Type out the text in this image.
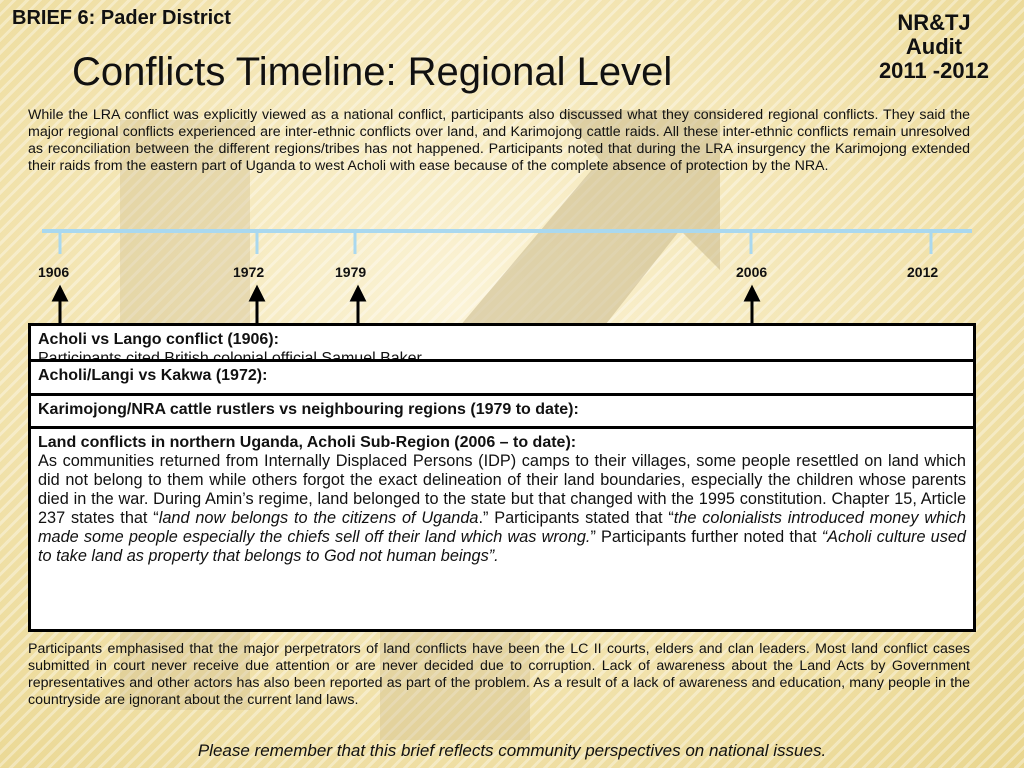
BRIEF 6: Pader District	NR&TJ
Audit
2011 -2012
Conflicts Timeline: Regional Level
While the LRA conflict was explicitly viewed as a national conflict, participants also discussed what they considered regional conflicts. They said the major regional conflicts experienced are inter-ethnic conflicts over land, and Karimojong cattle raids. All these inter-ethnic conflicts remain unresolved as reconciliation between the different regions/tribes has not happened. Participants noted that during the LRA insurgency the Karimojong extended their raids from the eastern part of Uganda to west Acholi with ease because of the complete absence of protection by the NRA.
1906	1972	1979	2006	2012
Acholi vs Lango conflict (1906):
Acholi/Langi vs Kakwa (1972):
Karimojong/NRA cattle rustlers vs neighbouring regions (1979 to date):
Land conflicts in northern Uganda, Acholi Sub-Region (2006 – to date):
As communities returned from Internally Displaced Persons (IDP) camps to their villages, some people resettled on land which did not belong to them while others forgot the exact delineation of their land boundaries, especially the children whose parents died in the war. During Amin’s regime, land belonged to the state but that changed with the 1995 constitution. Chapter 15, Article 237 states that “land now belongs to the citizens of Uganda.” Participants stated that “the colonialists introduced money which made some people especially the chiefs sell off their land which was wrong.” Participants further noted that “Acholi culture used to take land as property that belongs to God not human beings”.
Participants emphasised that the major perpetrators of land conflicts have been the LC II courts, elders and clan leaders. Most land conflict cases submitted in court never receive due attention or are never decided due to corruption. Lack of awareness about the Land Acts by Government representatives and other actors has also been reported as part of the problem. As a result of a lack of awareness and education, many people in the countryside are ignorant about the current land laws.
Please remember that this brief reflects community perspectives on national issues.
